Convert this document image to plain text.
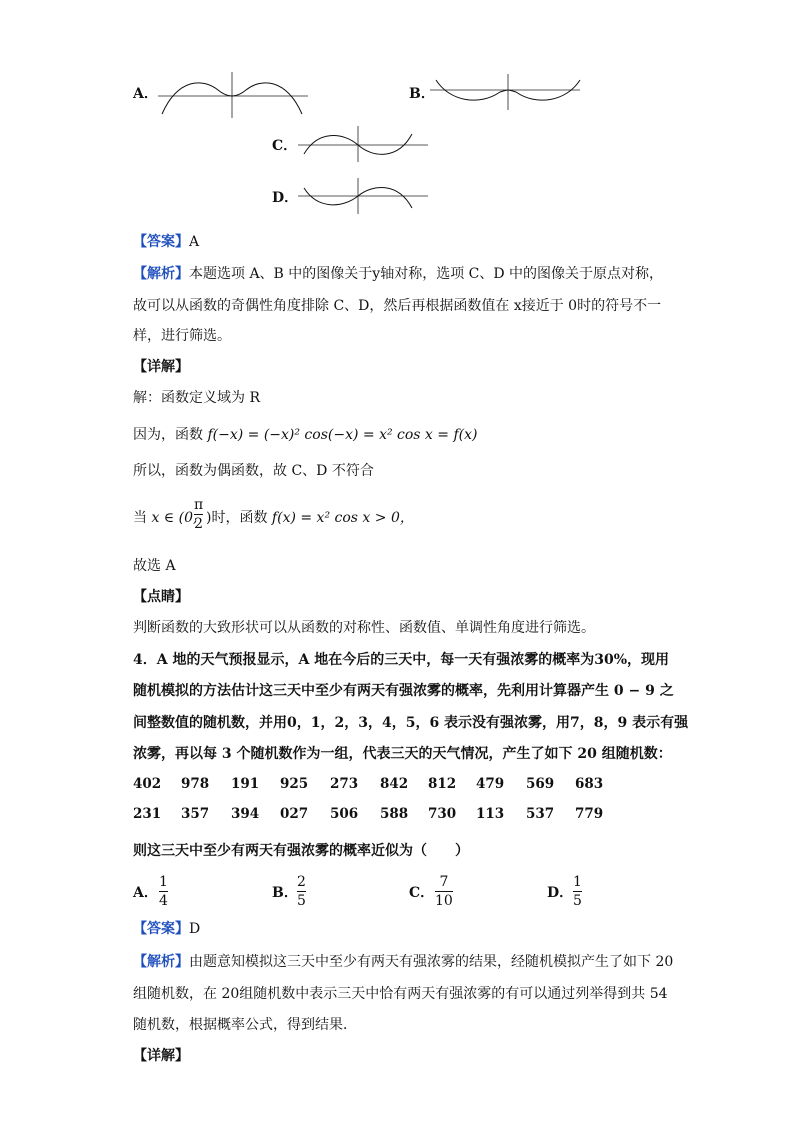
A．	B．
C．
D．
【答案】A
【解析】本题选项 A、B 中的图像关于y轴对称，选项 C、D 中的图像关于原点对称，
故可以从函数的奇偶性角度排除 C、D，然后再根据函数值在 x接近于 0时的符号不一
样，进行筛选。
【详解】
解：函数定义域为 R
因为，函数 f(−x) = (−x)² cos(−x) = x² cos x = f(x)
所以，函数为偶函数，故 C、D 不符合
当 x ∈ (0,
π
2 )时，函数 f(x) = x² cos x > 0，
故选 A
【点睛】
判断函数的大致形状可以从函数的对称性、函数值、单调性角度进行筛选。
4．A 地的天气预报显示，A 地在今后的三天中，每一天有强浓雾的概率为30%，现用
随机模拟的方法估计这三天中至少有两天有强浓雾的概率，先利用计算器产生 0 − 9 之
间整数值的随机数，并用0，1，2，3，4，5，6 表示没有强浓雾，用7，8，9 表示有强
浓雾，再以每 3 个随机数作为一组，代表三天的天气情况，产生了如下 20 组随机数：
402 978 191 925 273 842 812 479 569 683
231 357 394 027 506 588 730 113 537 779
则这三天中至少有两天有强浓雾的概率近似为（　　）
A．
1
4	B．
2
5	C．
7
10	D．
1
5
【答案】D
【解析】由题意知模拟这三天中至少有两天有强浓雾的结果，经随机模拟产生了如下 20
组随机数，在 20组随机数中表示三天中恰有两天有强浓雾的有可以通过列举得到共 54
随机数，根据概率公式，得到结果．
【详解】
